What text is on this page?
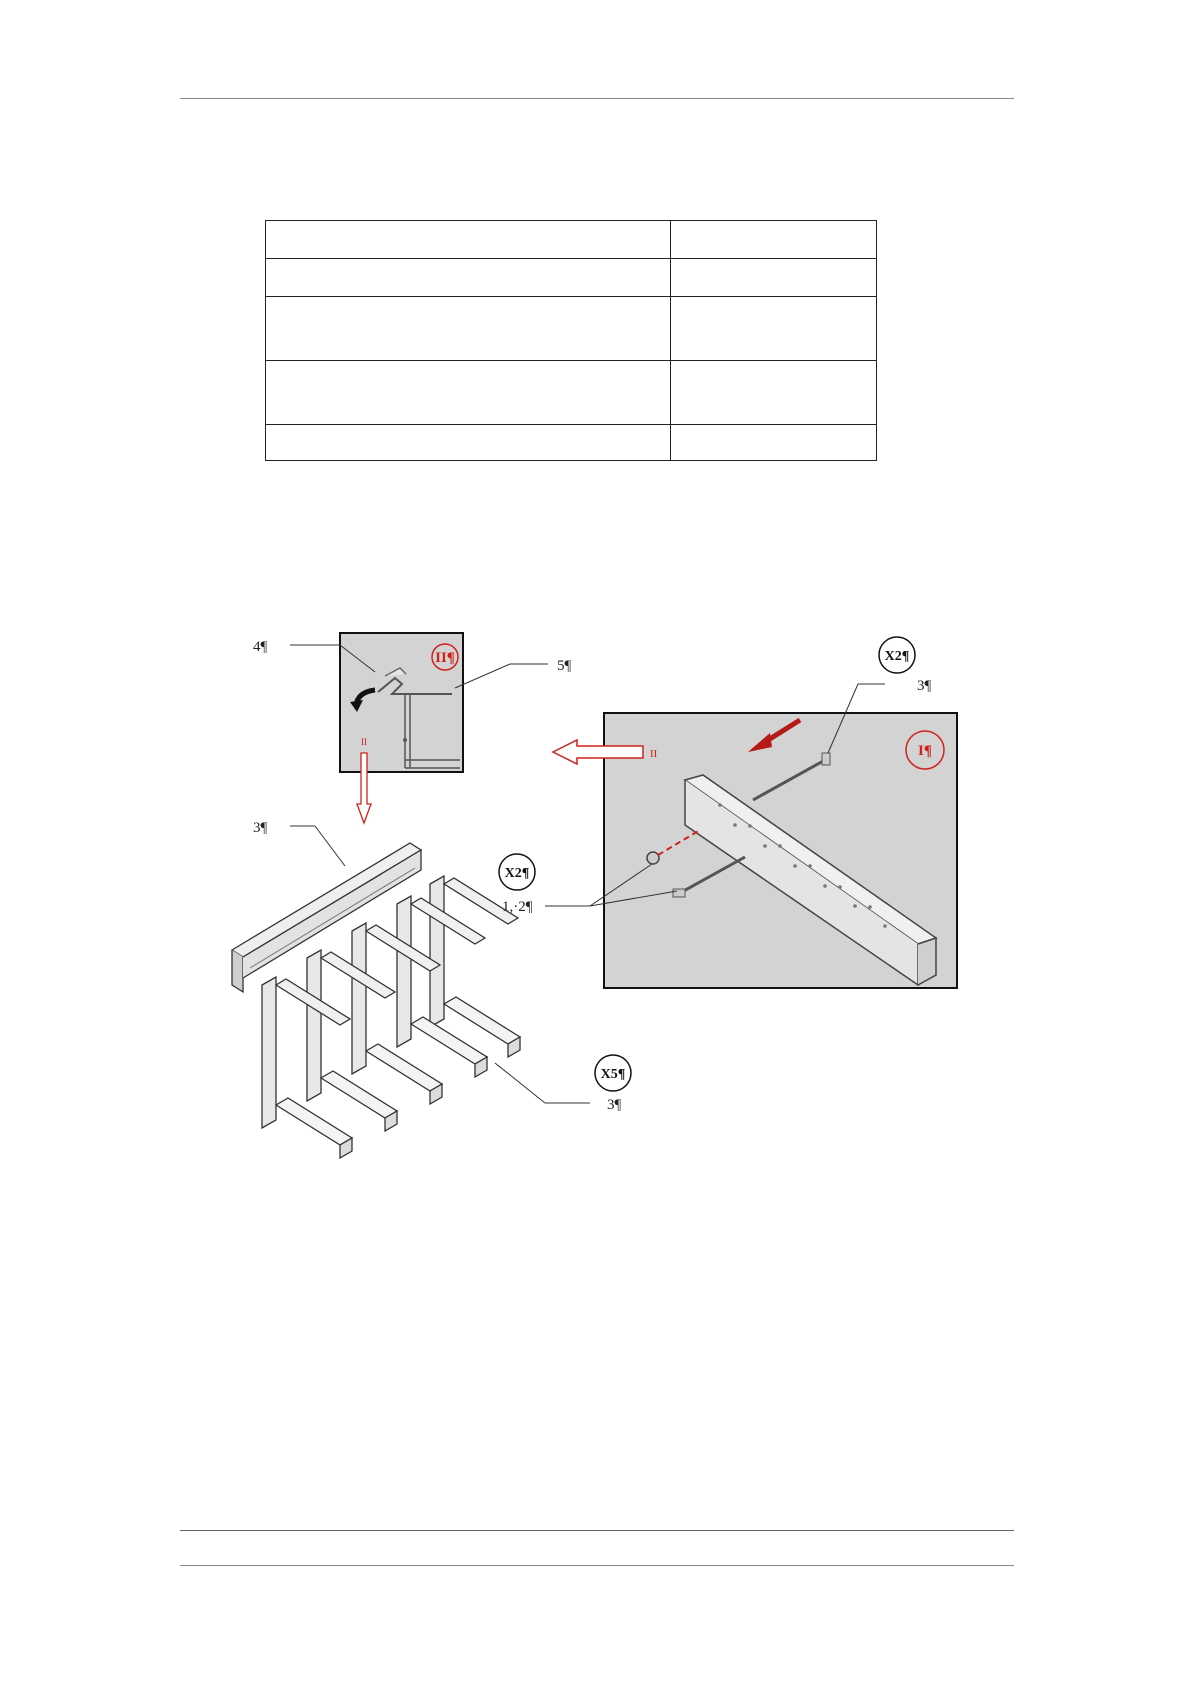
II¶
I¶
II
II
X2¶
X2¶
X5¶
4¶
5¶
3¶
3¶
1,·2¶
3¶
